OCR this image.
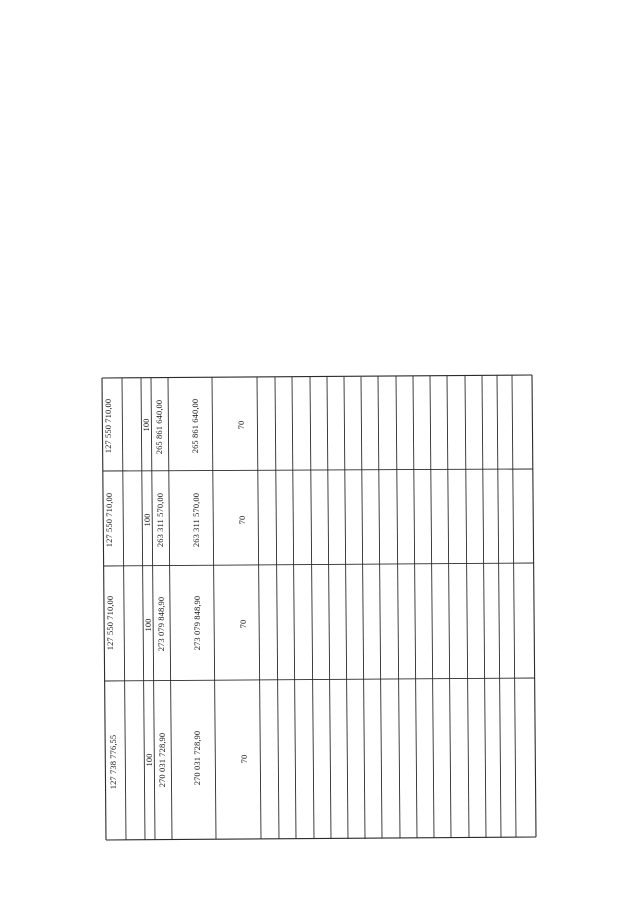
127 738 776,55	100 270 031 728,90	270 031 728,90	70
127 550 710,00	100 273 079 848,90	273 079 848,90	70
127 550 710,00	100 263 311 570,00	263 311 570,00	70
127 550 710,00	100 265 861 640,00	265 861 640,00	70
